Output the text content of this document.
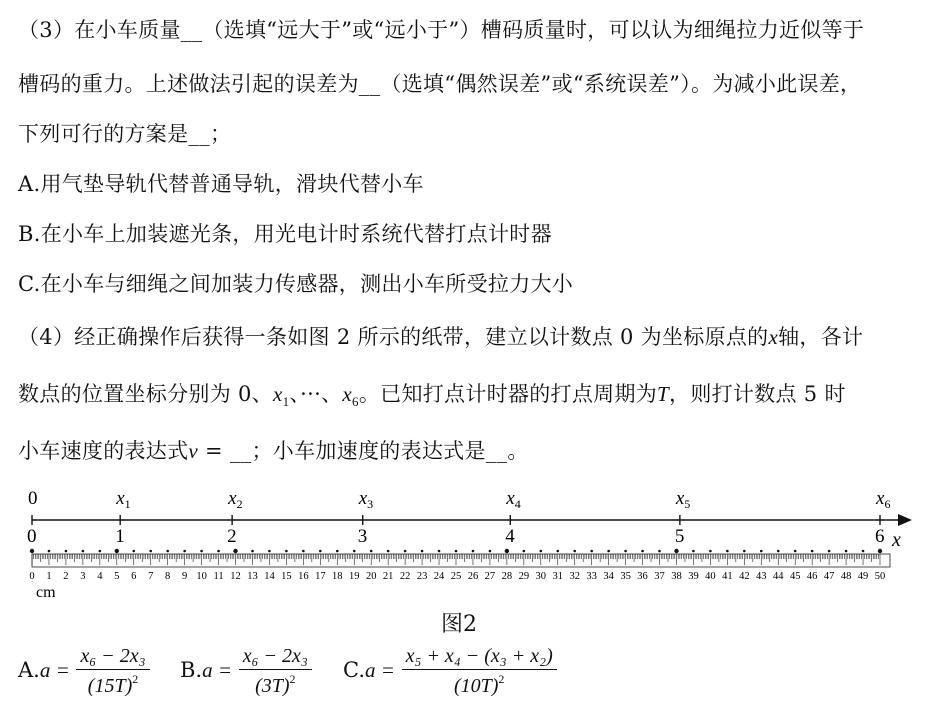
（3）在小车质量__（选填“远大于”或“远小于”）槽码质量时，可以认为细绳拉力近似等于
槽码的重力。上述做法引起的误差为__（选填“偶然误差”或“系统误差”）。为减小此误差，
下列可行的方案是__；
A.用气垫导轨代替普通导轨，滑块代替小车
B.在小车上加装遮光条，用光电计时系统代替打点计时器
C.在小车与细绳之间加装力传感器，测出小车所受拉力大小
（4）经正确操作后获得一条如图 2 所示的纸带，建立以计数点 0 为坐标原点的x轴，各计
数点的位置坐标分别为 0、$x_1$、···、$x_6$。已知打点计时器的打点周期为T，则打计数点 5 时
小车速度的表达式v = __；小车加速度的表达式是__。
0	$x_1$	$x_2$	$x_3$	$x_4$	$x_5$	$x_6$
0	1	2	3	4	5	6 x
0 1 2 3 4 5 6 7 8 9 10 11 12 13 14 15 16 17 18 19 20 21 22 23 24 25 26 27 28 29 30 31 32 33 34 35 36 37 38 39 40 41 42 43 44 45 46 47 48 49 50
cm
图2
$A.a = \frac{\text{x₆ − 2x₃}}{(15T)^2} B.a = \frac{\text{x₆ − 2x₃}}{(3T)^2} C.a = \frac{\text{x₅ + x₄ − (x₃ + x₂)}}{(10T)^2}$
